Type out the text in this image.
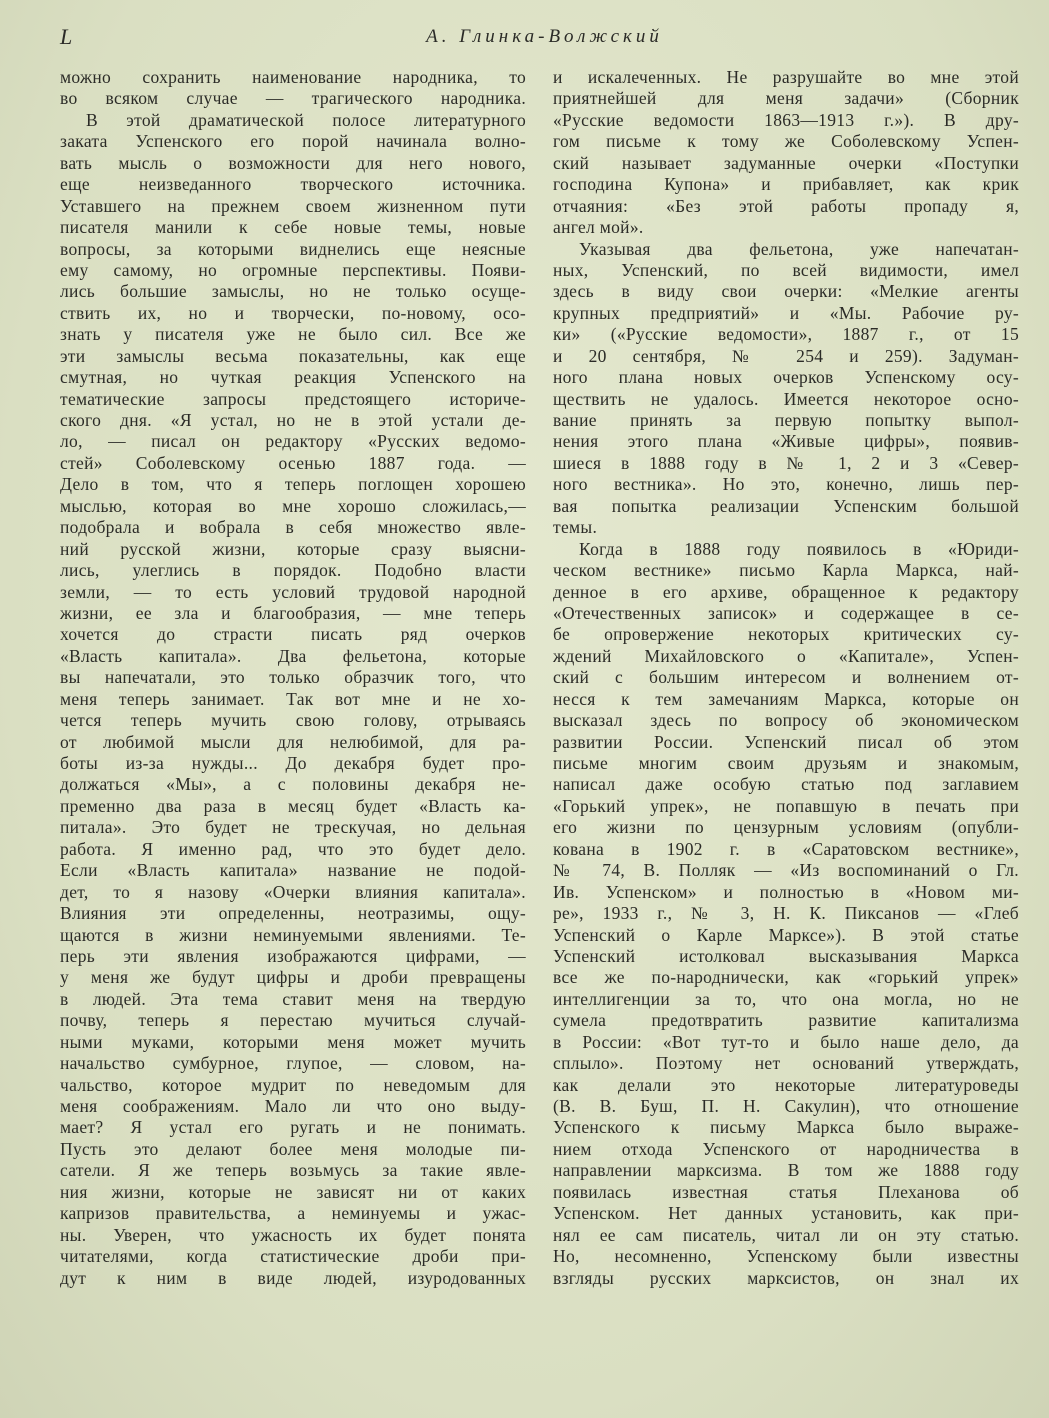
L	А. Глинка-Волжский
можно сохранить наименование народника, то
во всяком случае — трагического народника.
В этой драматической полосе литературного
заката Успенского его порой начинала волно-
вать мысль о возможности для него нового,
еще неизведанного творческого источника.
Уставшего на прежнем своем жизненном пути
писателя манили к себе новые темы, новые
вопросы, за которыми виднелись еще неясные
ему самому, но огромные перспективы. Появи-
лись большие замыслы, но не только осуще-
ствить их, но и творчески, по-новому, осо-
знать у писателя уже не было сил. Все же
эти замыслы весьма показательны, как еще
смутная, но чуткая реакция Успенского на
тематические запросы предстоящего историче-
ского дня. «Я устал, но не в этой устали де-
ло, — писал он редактору «Русских ведомо-
стей» Соболевскому осенью 1887 года. —
Дело в том, что я теперь поглощен хорошею
мыслью, которая во мне хорошо сложилась,—
подобрала и вобрала в себя множество явле-
ний русской жизни, которые сразу выясни-
лись, улеглись в порядок. Подобно власти
земли, — то есть условий трудовой народной
жизни, ее зла и благообразия, — мне теперь
хочется до страсти писать ряд очерков
«Власть капитала». Два фельетона, которые
вы напечатали, это только образчик того, что
меня теперь занимает. Так вот мне и не хо-
чется теперь мучить свою голову, отрываясь
от любимой мысли для нелюбимой, для ра-
боты из-за нужды... До декабря будет про-
должаться «Мы», а с половины декабря не-
пременно два раза в месяц будет «Власть ка-
питала». Это будет не трескучая, но дельная
работа. Я именно рад, что это будет дело.
Если «Власть капитала» название не подой-
дет, то я назову «Очерки влияния капитала».
Влияния эти определенны, неотразимы, ощу-
щаются в жизни неминуемыми явлениями. Те-
перь эти явления изображаются цифрами, —
у меня же будут цифры и дроби превращены
в людей. Эта тема ставит меня на твердую
почву, теперь я перестаю мучиться случай-
ными муками, которыми меня может мучить
начальство сумбурное, глупое, — словом, на-
чальство, которое мудрит по неведомым для
меня соображениям. Мало ли что оно выду-
мает? Я устал его ругать и не понимать.
Пусть это делают более меня молодые пи-
сатели. Я же теперь возьмусь за такие явле-
ния жизни, которые не зависят ни от каких
капризов правительства, а неминуемы и ужас-
ны. Уверен, что ужасность их будет понята
читателями, когда статистические дроби при-
дут к ним в виде людей, изуродованных
и искалеченных. Не разрушайте во мне этой
приятнейшей для меня задачи» (Сборник
«Русские ведомости 1863—1913 г.»). В дру-
гом письме к тому же Соболевскому Успен-
ский называет задуманные очерки «Поступки
господина Купона» и прибавляет, как крик
отчаяния: «Без этой работы пропаду я,
ангел мой».
Указывая два фельетона, уже напечатан-
ных, Успенский, по всей видимости, имел
здесь в виду свои очерки: «Мелкие агенты
крупных предприятий» и «Мы. Рабочие ру-
ки» («Русские ведомости», 1887 г., от 15
и 20 сентября, № 254 и 259). Задуман-
ного плана новых очерков Успенскому осу-
ществить не удалось. Имеется некоторое осно-
вание принять за первую попытку выпол-
нения этого плана «Живые цифры», появив-
шиеся в 1888 году в № 1, 2 и 3 «Север-
ного вестника». Но это, конечно, лишь пер-
вая попытка реализации Успенским большой
темы.
Когда в 1888 году появилось в «Юриди-
ческом вестнике» письмо Карла Маркса, най-
денное в его архиве, обращенное к редактору
«Отечественных записок» и содержащее в се-
бе опровержение некоторых критических су-
ждений Михайловского о «Капитале», Успен-
ский с большим интересом и волнением от-
несся к тем замечаниям Маркса, которые он
высказал здесь по вопросу об экономическом
развитии России. Успенский писал об этом
письме многим своим друзьям и знакомым,
написал даже особую статью под заглавием
«Горький упрек», не попавшую в печать при
его жизни по цензурным условиям (опубли-
кована в 1902 г. в «Саратовском вестнике»,
№ 74, В. Полляк — «Из воспоминаний о Гл.
Ив. Успенском» и полностью в «Новом ми-
ре», 1933 г., № 3, Н. К. Пиксанов — «Глеб
Успенский о Карле Марксе»). В этой статье
Успенский истолковал высказывания Маркса
все же по-народнически, как «горький упрек»
интеллигенции за то, что она могла, но не
сумела предотвратить развитие капитализма
в России: «Вот тут-то и было наше дело, да
сплыло». Поэтому нет оснований утверждать,
как делали это некоторые литературоведы
(В. В. Буш, П. Н. Сакулин), что отношение
Успенского к письму Маркса было выраже-
нием отхода Успенского от народничества в
направлении марксизма. В том же 1888 году
появилась известная статья Плеханова об
Успенском. Нет данных установить, как при-
нял ее сам писатель, читал ли он эту статью.
Но, несомненно, Успенскому были известны
взгляды русских марксистов, он знал их
